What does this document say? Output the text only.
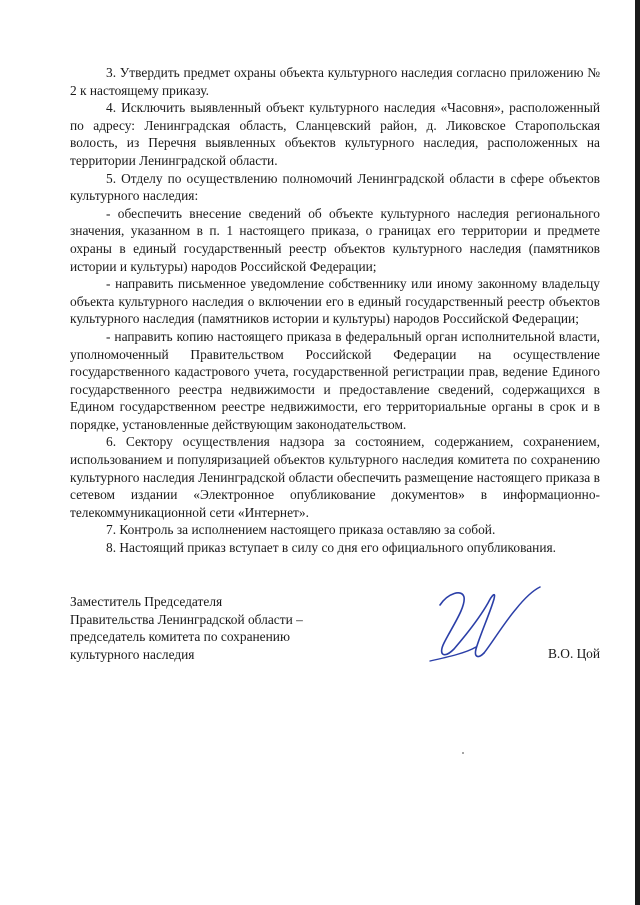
3. Утвердить предмет охраны объекта культурного наследия согласно приложению № 2 к настоящему приказу.

4. Исключить выявленный объект культурного наследия «Часовня», расположенный по адресу: Ленинградская область, Сланцевский район, д. Ликовское Старопольская волость, из Перечня выявленных объектов культурного наследия, расположенных на территории Ленинградской области.

5. Отделу по осуществлению полномочий Ленинградской области в сфере объектов культурного наследия:

- обеспечить внесение сведений об объекте культурного наследия регионального значения, указанном в п. 1 настоящего приказа, о границах его территории и предмете охраны в единый государственный реестр объектов культурного наследия (памятников истории и культуры) народов Российской Федерации;

- направить письменное уведомление собственнику или иному законному владельцу объекта культурного наследия о включении его в единый государственный реестр объектов культурного наследия (памятников истории и культуры) народов Российской Федерации;

- направить копию настоящего приказа в федеральный орган исполнительной власти, уполномоченный Правительством Российской Федерации на осуществление государственного кадастрового учета, государственной регистрации прав, ведение Единого государственного реестра недвижимости и предоставление сведений, содержащихся в Едином государственном реестре недвижимости, его территориальные органы в срок и в порядке, установленные действующим законодательством.

6. Сектору осуществления надзора за состоянием, содержанием, сохранением, использованием и популяризацией объектов культурного наследия комитета по сохранению культурного наследия Ленинградской области обеспечить размещение настоящего приказа в сетевом издании «Электронное опубликование документов» в информационно-телекоммуникационной сети «Интернет».

7. Контроль за исполнением настоящего приказа оставляю за собой.

8. Настоящий приказ вступает в силу со дня его официального опубликования.

Заместитель Председателя
Правительства Ленинградской области –
председатель комитета по сохранению
культурного наследия	В.О. Цой
